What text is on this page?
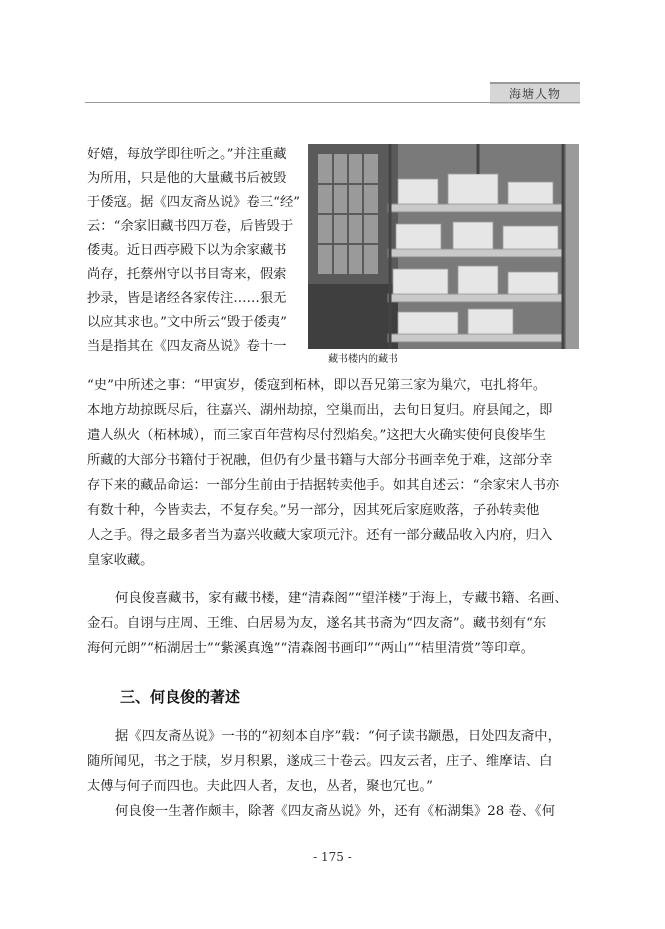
海塘人物
藏书楼内的藏书
好嬉，每放学即往听之。”并注重藏
为所用，只是他的大量藏书后被毁
于倭寇。据《四友斋丛说》卷三“经”
云：“余家旧藏书四万卷，后皆毁于
倭夷。近日西亭殿下以为余家藏书
尚存，托蔡州守以书目寄来，假索
抄录，皆是诸经各家传注……狠无
以应其求也。”文中所云“毁于倭夷”
当是指其在《四友斋丛说》卷十一
“史”中所述之事：“甲寅岁，倭寇到柘林，即以吾兄第三家为巢穴，屯扎将年。
本地方劫掠既尽后，往嘉兴、湖州劫掠，空巢而出，去旬日复归。府县闻之，即
遣人纵火（柘林城），而三家百年营构尽付烈焰矣。”这把大火确实使何良俊毕生
所藏的大部分书籍付于祝融，但仍有少量书籍与大部分书画幸免于难，这部分幸
存下来的藏品命运：一部分生前由于拮据转卖他手。如其自述云：“余家宋人书亦
有数十种，今皆卖去，不复存矣。”另一部分，因其死后家庭败落，子孙转卖他
人之手。得之最多者当为嘉兴收藏大家项元汴。还有一部分藏品收入内府，归入
皇家收藏。
何良俊喜藏书，家有藏书楼，建“清森阁”“望洋楼”于海上，专藏书籍、名画、
金石。自诩与庄周、王维、白居易为友，遂名其书斋为“四友斋”。藏书刻有“东
海何元朗”“柘湖居士”“紫溪真逸”“清森阁书画印”“两山”“桔里清赏”等印章。
三、何良俊的著述
据《四友斋丛说》一书的“初刻本自序”载：“何子读书颛愚，日处四友斋中，
随所闻见，书之于牍，岁月积累，遂成三十卷云。四友云者，庄子、维摩诘、白
太傅与何子而四也。夫此四人者，友也，丛者，聚也冗也。”
何良俊一生著作颇丰，除著《四友斋丛说》外，还有《柘湖集》28 卷、《何
- 175 -
